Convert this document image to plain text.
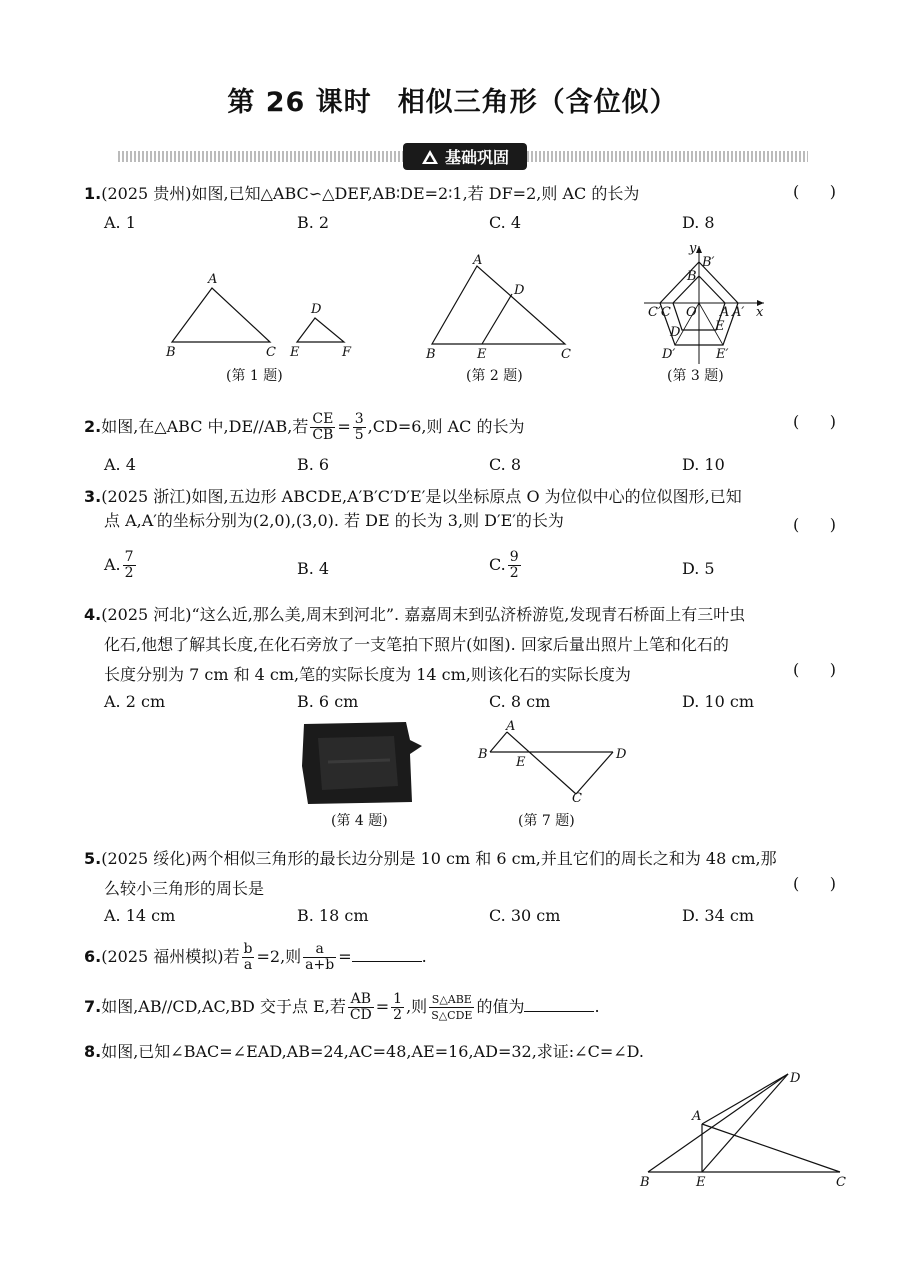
第 26 课时 相似三角形（含位似）
基础巩固
1.(2025 贵州)如图,已知△ABC∽△DEF,AB∶DE=2∶1,若 DF=2,则 AC 的长为	(      )
A. 1	B. 2	C. 4	D. 8
A
B	C
D
E	F
(第 1 题)
A
B	C
D
E
(第 2 题)
y
x
O
B′
B
C′C	A A′
E
E′
D
D′
(第 3 题)
2.如图,在△ABC 中,DE//AB,若 $\frac{CE}{CB} = \frac{3}{5} ,CD=6$,则 AC 的长为	(      )
A. 4	B. 6	C. 8	D. 10
3.(2025 浙江)如图,五边形 ABCDE,A′B′C′D′E′是以坐标原点 O 为位似中心的位似图形,已知
点 A,A′的坐标分别为(2,0),(3,0). 若 DE 的长为 3,则 D′E′的长为	(      )
A. $\frac{7}{2}$	B. 4	C. $\frac{9}{2}$	D. 5
4.(2025 河北)“这么近,那么美,周末到河北”. 嘉嘉周末到弘济桥游览,发现青石桥面上有三叶虫
化石,他想了解其长度,在化石旁放了一支笔拍下照片(如图). 回家后量出照片上笔和化石的
长度分别为 7 cm 和 4 cm,笔的实际长度为 14 cm,则该化石的实际长度为	(      )
A. 2 cm	B. 6 cm	C. 8 cm	D. 10 cm
(第 4 题)
A
B
C
D
E
(第 7 题)
5.(2025 绥化)两个相似三角形的最长边分别是 10 cm 和 6 cm,并且它们的周长之和为 48 cm,那
么较小三角形的周长是	(      )
A. 14 cm	B. 18 cm	C. 30 cm	D. 34 cm
6.(2025 福州模拟)若 $\frac{b}{a} =2$,则 $\frac{a}{a+b}$ =	.
7.如图,AB//CD,AC,BD 交于点 E,若 $\frac{AB}{CD} = \frac{1}{2}$ ,则 $\frac{\text{S△ABE}}{\text{S△CDE}}$ 的值为	.
8.如图,已知∠BAC=∠EAD,AB=24,AC=48,AE=16,AD=32,求证:∠C=∠D.
A
B	C
D
E
